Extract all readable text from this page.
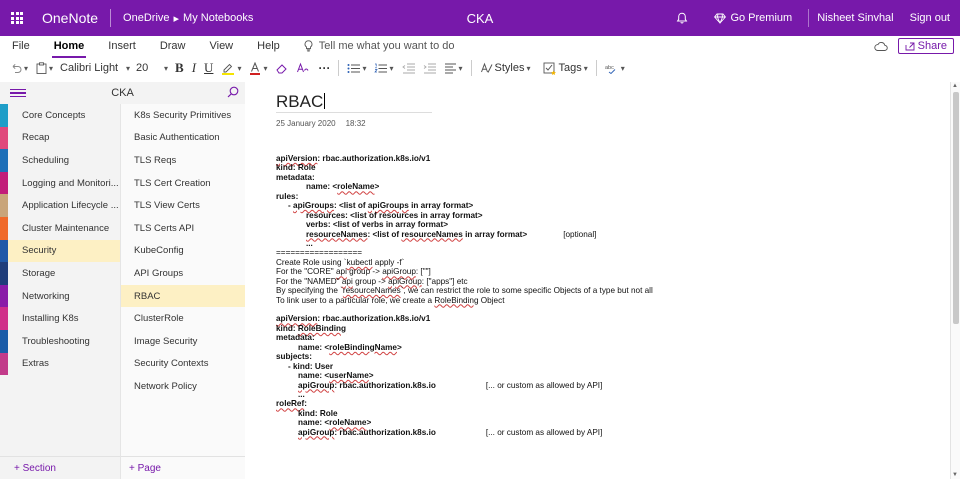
OneNote OneDrive ▸ My Notebooks	CKA	Go Premium	Nisheet Sinvhal	Sign out
File	Home	Insert	Draw	View	Help	Tell me what you want to do	Share
▾	▾ Calibri Light ▾ 20 ▾ B I U	▾	▾	···	▾	▾	▾	Styles ▾	Tags ▾	abc ▾
CKA
Core Concepts
Recap
Scheduling
Logging and Monitori...
Application Lifecycle ...
Cluster Maintenance
Security
Storage
Networking
Installing K8s
Troubleshooting
Extras
K8s Security Primitives
Basic Authentication
TLS Reqs
TLS Cert Creation
TLS View Certs
TLS Certs API
KubeConfig
API Groups
RBAC
ClusterRole
Image Security
Security Contexts
Network Policy
+ Section	+ Page
RBAC
25 January 2020 18:32
apiVersion: rbac.authorization.k8s.io/v1
kind: Role
metadata:
name: <roleName>
rules:
- apiGroups: <list of apiGroups in array format>
resources: <list of resources in array format>
verbs: <list of verbs in array format>
resourceNames: <list of resourceNames in array format>	[optional]
...
==================
Create Role using `kubectl apply -f`
For the "CORE" api group -> apiGroup: [""]
For the "NAMED" api group -> apiGroup: ["apps"] etc
By specifying the `resourceNames`, we can restrict the role to some specific Objects of a type but not all
To link user to a particular role, we create a RoleBinding Object
apiVersion: rbac.authorization.k8s.io/v1
kind: RoleBinding
metadata:
name: <roleBindingName>
subjects:
- kind: User
name: <userName>
apiGroup: rbac.authorization.k8s.io	[... or custom as allowed by API]
...
roleRef:
kind: Role
name: <roleName>
apiGroup: rbac.authorization.k8s.io	[... or custom as allowed by API]
▲
▼
